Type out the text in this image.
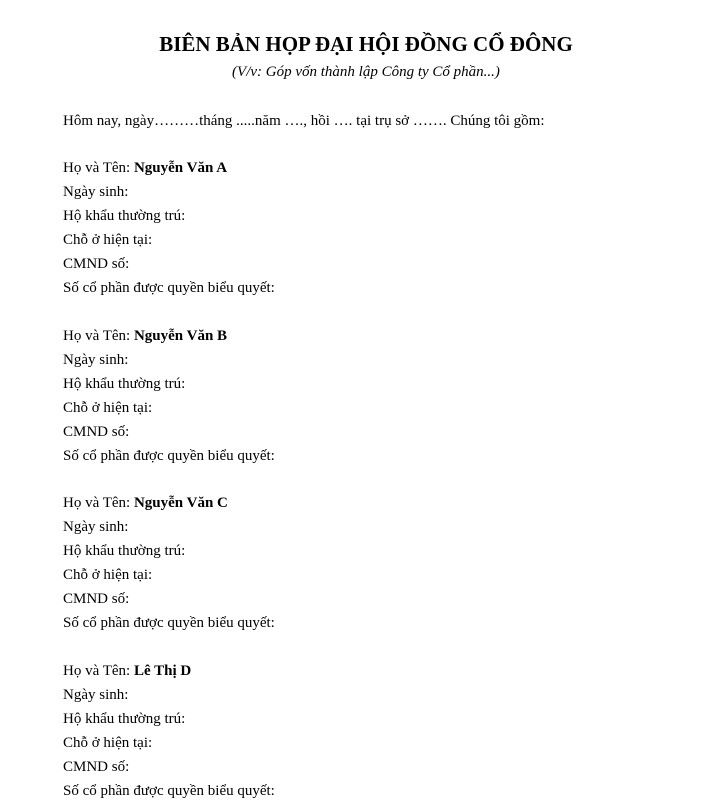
BIÊN BẢN HỌP ĐẠI HỘI ĐỒNG CỔ ĐÔNG
(V/v: Góp vốn thành lập Công ty Cổ phần...)
Hôm nay, ngày………tháng .....năm …., hồi …. tại trụ sở ……. Chúng tôi gồm:
Họ và Tên: Nguyễn Văn A
Ngày sinh:
Hộ khẩu thường trú:
Chỗ ở hiện tại:
CMND số:
Số cổ phần được quyền biểu quyết:
Họ và Tên: Nguyễn Văn B
Ngày sinh:
Hộ khẩu thường trú:
Chỗ ở hiện tại:
CMND số:
Số cổ phần được quyền biểu quyết:
Họ và Tên: Nguyễn Văn C
Ngày sinh:
Hộ khẩu thường trú:
Chỗ ở hiện tại:
CMND số:
Số cổ phần được quyền biểu quyết:
Họ và Tên: Lê Thị D
Ngày sinh:
Hộ khẩu thường trú:
Chỗ ở hiện tại:
CMND số:
Số cổ phần được quyền biểu quyết:
